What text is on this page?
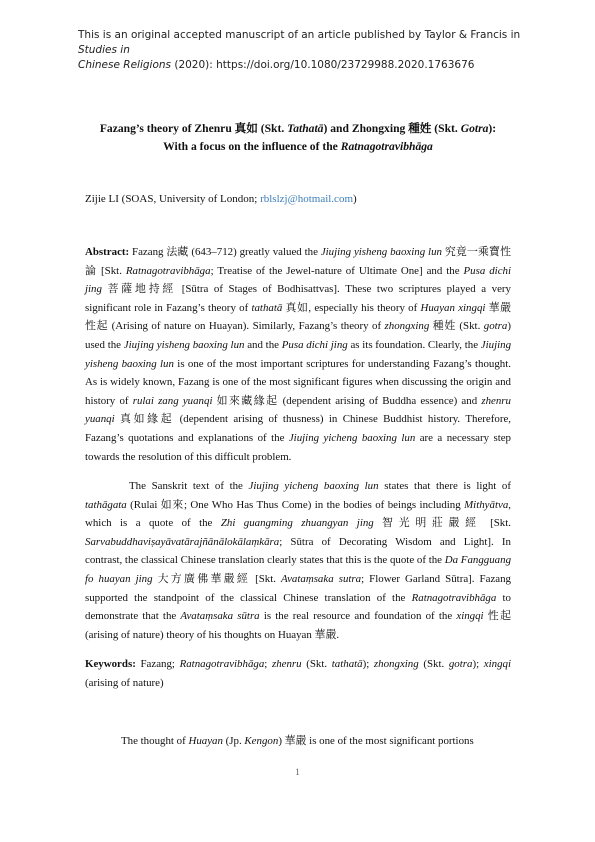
This is an original accepted manuscript of an article published by Taylor & Francis in Studies in
Chinese Religions (2020): https://doi.org/10.1080/23729988.2020.1763676
Fazang’s theory of Zhenru 真如 (Skt. Tathatā) and Zhongxing 種姓 (Skt. Gotra):
With a focus on the influence of the Ratnagotravibhāga
Zijie LI (SOAS, University of London; rblslzj@hotmail.com)
Abstract: Fazang 法藏 (643–712) greatly valued the Jiujing yisheng baoxing lun 究竟一乘寶性論 [Skt. Ratnagotravibhāga; Treatise of the Jewel-nature of Ultimate One] and the Pusa dichi jing 菩薩地持經 [Sūtra of Stages of Bodhisattvas]. These two scriptures played a very significant role in Fazang’s theory of tathatā 真如, especially his theory of Huayan xingqi 華嚴性起 (Arising of nature on Huayan). Similarly, Fazang’s theory of zhongxing 種姓 (Skt. gotra) used the Jiujing yisheng baoxing lun and the Pusa dichi jing as its foundation. Clearly, the Jiujing yisheng baoxing lun is one of the most important scriptures for understanding Fazang’s thought. As is widely known, Fazang is one of the most significant figures when discussing the origin and history of rulai zang yuanqi 如來藏緣起 (dependent arising of Buddha essence) and zhenru yuanqi 真如緣起 (dependent arising of thusness) in Chinese Buddhist history. Therefore, Fazang’s quotations and explanations of the Jiujing yicheng baoxing lun are a necessary step towards the resolution of this difficult problem.
The Sanskrit text of the Jiujing yicheng baoxing lun states that there is light of tathāgata (Rulai 如來; One Who Has Thus Come) in the bodies of beings including Mithyātva, which is a quote of the Zhi guangming zhuangyan jing 智光明莊嚴經 [Skt. Sarvabuddhaviṣayāvatārajñānālokālaṃkāra; Sūtra of Decorating Wisdom and Light]. In contrast, the classical Chinese translation clearly states that this is the quote of the Da Fangguang fo huayan jing 大方廣佛華嚴經 [Skt. Avataṃsaka sutra; Flower Garland Sūtra]. Fazang supported the standpoint of the classical Chinese translation of the Ratnagotravibhāga to demonstrate that the Avataṃsaka sūtra is the real resource and foundation of the xingqi 性起 (arising of nature) theory of his thoughts on Huayan 華嚴.
Keywords: Fazang; Ratnagotravibhāga; zhenru (Skt. tathatā); zhongxing (Skt. gotra); xingqi (arising of nature)
The thought of Huayan (Jp. Kengon) 華嚴 is one of the most significant portions
1
